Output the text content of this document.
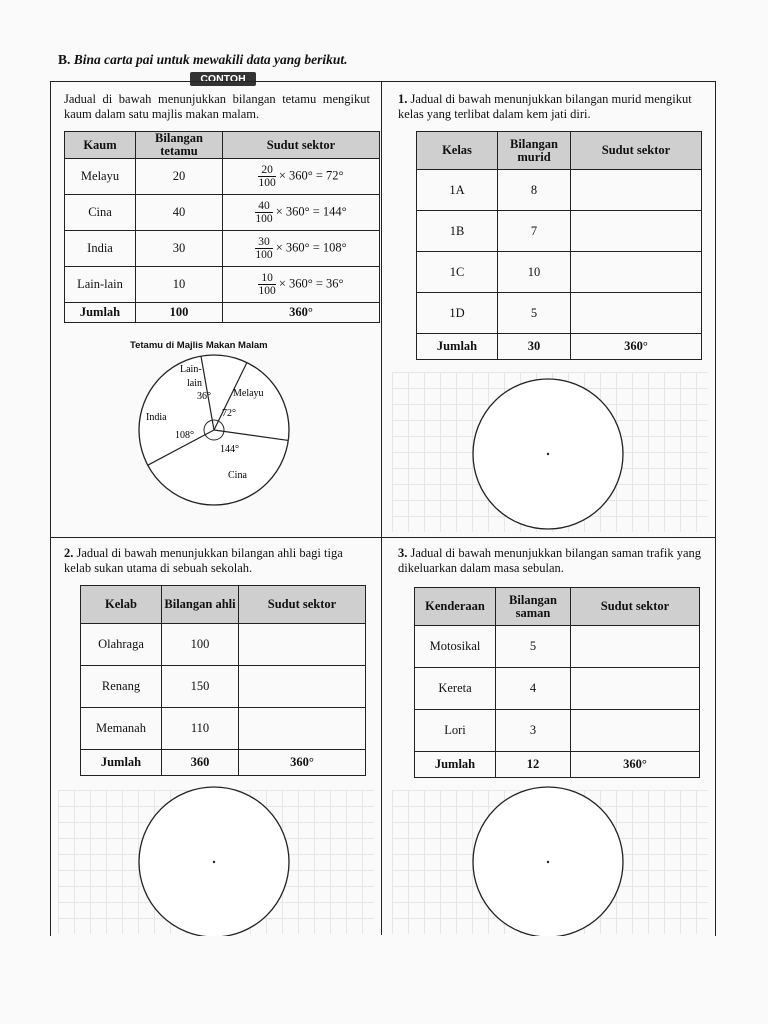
B. Bina carta pai untuk mewakili data yang berikut.
CONTOH
Jadual di bawah menunjukkan bilangan tetamu mengikut kaum dalam satu majlis makan malam.
Kaum	Bilangan tetamu	Sudut sektor
Melayu	20	$\frac{20}{100} \times 360^\circ = 72^\circ$
Cina	40	$\frac{40}{100} \times 360^\circ = 144^\circ$
India	30	$\frac{30}{100} \times 360^\circ = 108^\circ$
Lain-lain	10	$\frac{10}{100} \times 360^\circ = 36^\circ$
Jumlah	100	360°
Tetamu di Majlis Makan Malam
Lain-
lain
36° Melayu
72°
India
108°
144°
Cina
1. Jadual di bawah menunjukkan bilangan murid mengikut kelas yang terlibat dalam kem jati diri.
Kelas	Bilangan murid	Sudut sektor
1A	8	
1B	7	
1C	10	
1D	5	
Jumlah	30	360°
2. Jadual di bawah menunjukkan bilangan ahli bagi tiga kelab sukan utama di sebuah sekolah.
Kelab	Bilangan ahli	Sudut sektor
Olahraga	100	
Renang	150	
Memanah	110	
Jumlah	360	360°
3. Jadual di bawah menunjukkan bilangan saman trafik yang dikeluarkan dalam masa sebulan.
Kenderaan	Bilangan saman	Sudut sektor
Motosikal	5	
Kereta	4	
Lori	3	
Jumlah	12	360°
